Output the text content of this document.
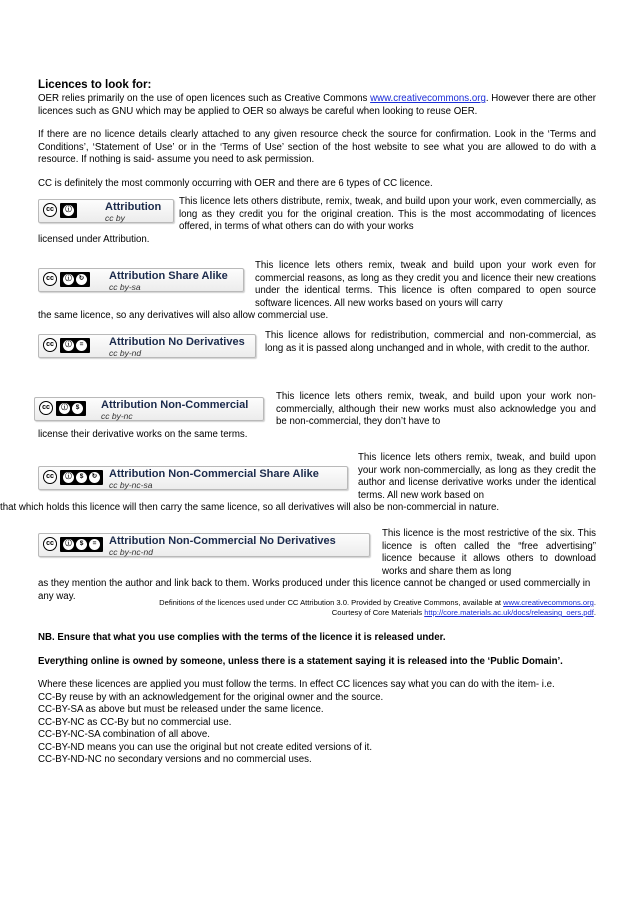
Licences to look for:

OER relies primarily on the use of open licences such as Creative Commons www.creativecommons.org. However there are other licences such as GNU which may be applied to OER so always be careful when looking to reuse OER.

If there are no licence details clearly attached to any given resource check the source for confirmation. Look in the ‘Terms and Conditions’, ‘Statement of Use’ or in the ‘Terms of Use’ section of the host website to see what you are allowed to do with a resource. If nothing is said- assume you need to ask permission.

CC is definitely the most commonly occurring with OER and there are 6 types of CC licence.

cc	ⓘ	Attribution
cc by

This licence lets others distribute, remix, tweak, and build upon your work, even commercially, as long as they credit you for the original creation. This is the most accommodating of licences offered, in terms of what others can do with your works

licensed under Attribution.

cc	ⓘ	↻ Attribution Share Alike
cc by-sa

This licence lets others remix, tweak and build upon your work even for commercial reasons, as long as they credit you and licence their new creations under the identical terms. This licence is often compared to open source software licences. All new works based on yours will carry

the same licence, so any derivatives will also allow commercial use.

cc	ⓘ	=	Attribution No Derivatives
cc by-nd

This licence allows for redistribution, commercial and non-commercial, as long as it is passed along unchanged and in whole, with credit to the author.

cc	ⓘ	$	Attribution Non-Commercial
cc by-nc

This licence lets others remix, tweak, and build upon your work non-commercially, although their new works must also acknowledge you and be non-commercial, they don’t have to

license their derivative works on the same terms.

cc	ⓘ	$	↻ Attribution Non-Commercial Share Alike
cc by-nc-sa

This licence lets others remix, tweak, and build upon your work non-commercially, as long as they credit the author and license derivative works under the identical terms. All new work based on

that which holds this licence will then carry the same licence, so all derivatives will also be non-commercial in nature.

cc	ⓘ	$	=	Attribution Non-Commercial No Derivatives
cc by-nc-nd

This licence is the most restrictive of the six. This licence is often called the “free advertising” licence because it allows others to download works and share them as long

as they mention the author and link back to them. Works produced under this licence cannot be changed or used commercially in any way.

Definitions of the licences used under CC Attribution 3.0. Provided by Creative Commons, available at www.creativecommons.org.

Courtesy of Core Materials http://core.materials.ac.uk/docs/releasing_oers.pdf.

NB. Ensure that what you use complies with the terms of the licence it is released under.

Everything online is owned by someone, unless there is a statement saying it is released into the ‘Public Domain’.

Where these licences are applied you must follow the terms. In effect CC licences say what you can do with the item- i.e.

CC-By reuse by with an acknowledgement for the original owner and the source.

CC-BY-SA as above but must be released under the same licence.

CC-BY-NC as CC-By but no commercial use.

CC-BY-NC-SA combination of all above.

CC-BY-ND means you can use the original but not create edited versions of it.

CC-BY-ND-NC no secondary versions and no commercial uses.
